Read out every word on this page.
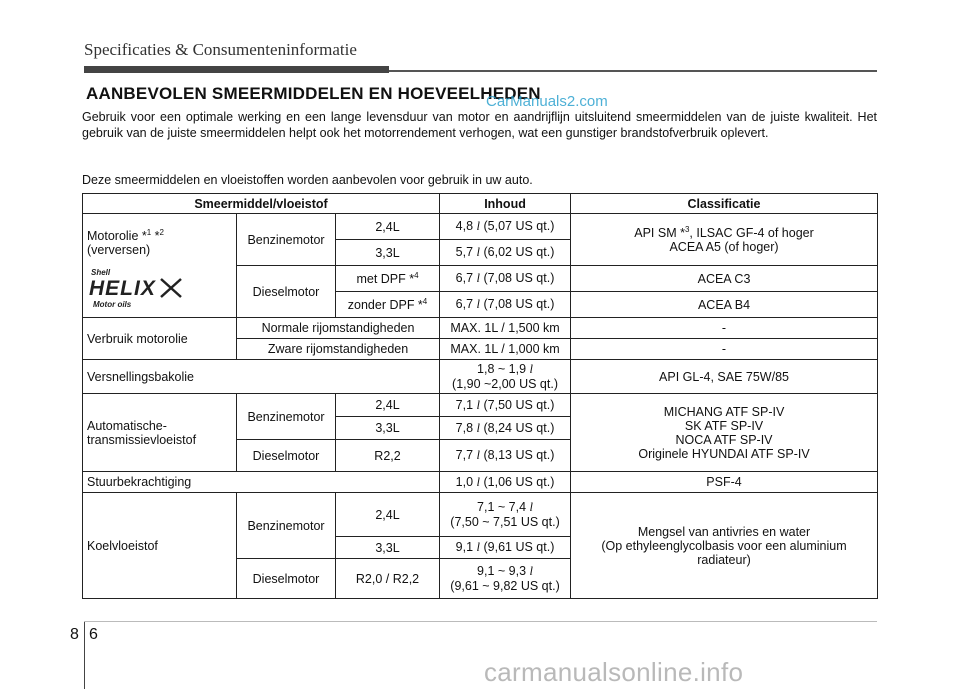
Specificaties & Consumenteninformatie
AANBEVOLEN SMEERMIDDELEN EN HOEVEELHEDEN
CarManuals2.com
Gebruik voor een optimale werking en een lange levensduur van motor en aandrijflijn uitsluitend smeermiddelen van de juiste kwaliteit. Het gebruik van de juiste smeermiddelen helpt ook het motorrendement verhogen, wat een gunstiger brandstofverbruik oplevert.
Deze smeermiddelen en vloeistoffen worden aanbevolen voor gebruik in uw auto.
Smeermiddel/vloeistof			Inhoud	Classificatie
Motorolie *$^1$ *$^2$
(verversen)
Shell
HELIX
Motor oils	Benzinemotor	2,4L	4,8 l (5,07 US qt.)	API SM *$^3$, ILSAC GF-4 of hoger
ACEA A5 (of hoger)
		3,3L	5,7 l (6,02 US qt.)	
	Dieselmotor	met DPF *$^4$	6,7 l (7,08 US qt.)	ACEA C3
		zonder DPF *$^4$	6,7 l (7,08 US qt.)	ACEA B4
Verbruik motorolie	Normale rijomstandigheden		MAX. 1L / 1,500 km	-
	Zware rijomstandigheden		MAX. 1L / 1,000 km	-
Versnellingsbakolie			1,8 ~ 1,9 l
(1,90 ~2,00 US qt.)	API GL-4, SAE 75W/85
Automatische-
transmissievloeistof	Benzinemotor	2,4L	7,1 l (7,50 US qt.)	MICHANG ATF SP-IV
SK ATF SP-IV
NOCA ATF SP-IV
Originele HYUNDAI ATF SP-IV
		3,3L	7,8 l (8,24 US qt.)	
	Dieselmotor	R2,2	7,7 l (8,13 US qt.)	
Stuurbekrachtiging			1,0 l (1,06 US qt.)	PSF-4
Koelvloeistof	Benzinemotor	2,4L	7,1 ~ 7,4 l
(7,50 ~ 7,51 US qt.)	Mengsel van antivries en water
(Op ethyleenglycolbasis voor een aluminium
radiateur)
		3,3L	9,1 l (9,61 US qt.)	
	Dieselmotor	R2,0 / R2,2	9,1 ~ 9,3 l
(9,61 ~ 9,82 US qt.)	
8 6
carmanualsonline.info
